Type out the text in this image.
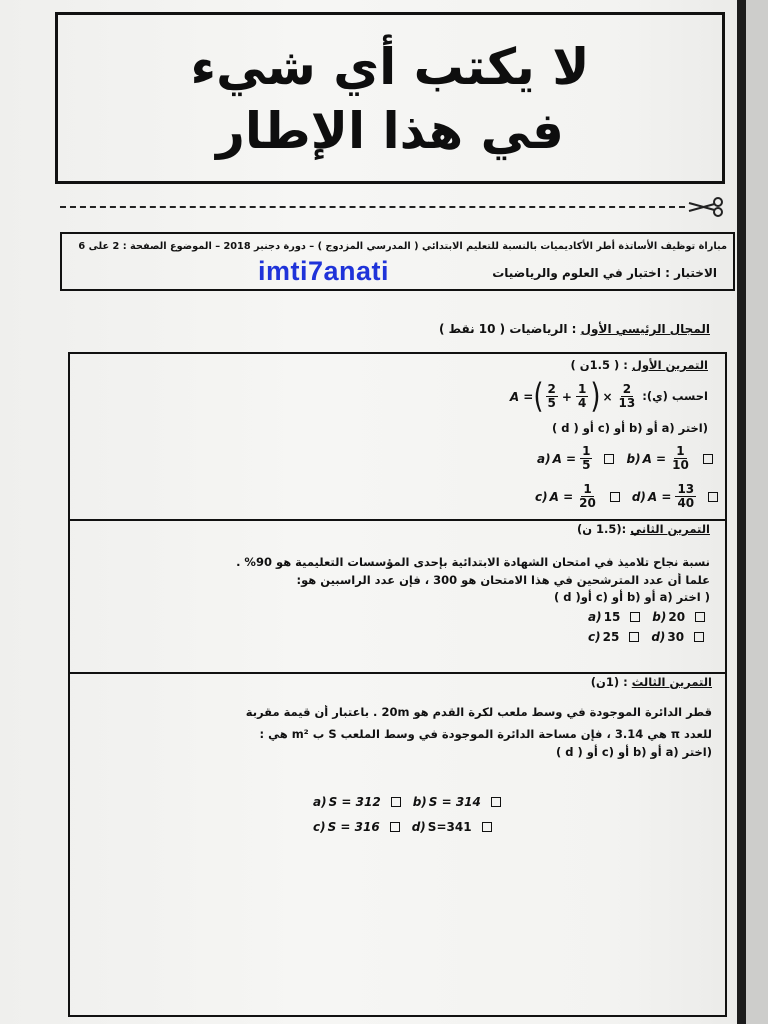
لا يكتب أي شيء
في هذا الإطار
مباراة توظيف الأساتذة أطر الأكاديميات بالنسبة للتعليم الابتدائي ( المدرسي المزدوج ) – دورة دجنبر 2018 – الموضوع الصفحة : 2 على 6
الاختبار : اختبار في العلوم والرياضيات
imti7anati
المجال الرئيسي الأول : الرياضيات ( 10 نقط )
التمرين الأول : ( 1.5ن )
احسب (ي):
A = ( $\frac{2}{5} + \frac{1}{4}$ ) × $\frac{2}{13}$
(اختر (a أو (b أو (c أو ( d )
a) $A = \frac{1}{5}$	b) $A = \frac{1}{10}$
c) $A = \frac{1}{20}$	d) $A = \frac{13}{40}$
التمرين الثاني :(1.5 ن)
نسبة نجاح تلاميذ في امتحان الشهادة الابتدائية بإحدى المؤسسات التعليمية هو 90% .
علما أن عدد المترشحين في هذا الامتحان هو 300 ، فإن عدد الراسبين هو:
( اختر (a أو (b أو (c أو( d )
a) 15	b) 20
c) 25	d) 30
التمرين الثالث : (1ن)
قطر الدائرة الموجودة في وسط ملعب لكرة القدم هو 20m . باعتبار أن قيمة مقربة
للعدد π هي 3.14 ، فإن مساحة الدائرة الموجودة في وسط الملعب S ب m² هي :
(اختر (a أو (b أو (c أو ( d )
a) S = 312	b) S = 314
c) S = 316	d) S=341
